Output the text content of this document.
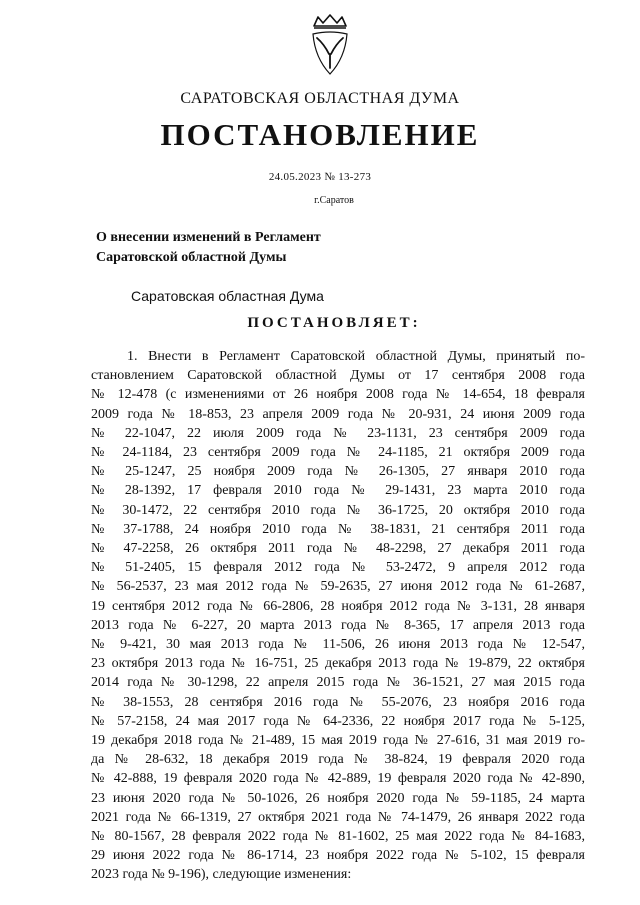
САРАТОВСКАЯ ОБЛАСТНАЯ ДУМА
ПОСТАНОВЛЕНИЕ
24.05.2023 № 13-273
г.Саратов
О внесении изменений в Регламент
Саратовской областной Думы
Саратовская областная Дума
ПОСТАНОВЛЯЕТ:
1. Внести в Регламент Саратовской областной Думы, принятый по-
становлением Саратовской областной Думы от 17 сентября 2008 года
№ 12-478 (с изменениями от 26 ноября 2008 года № 14-654, 18 февраля
2009 года № 18-853, 23 апреля 2009 года № 20-931, 24 июня 2009 года
№ 22-1047, 22 июля 2009 года № 23-1131, 23 сентября 2009 года
№ 24-1184, 23 сентября 2009 года № 24-1185, 21 октября 2009 года
№ 25-1247, 25 ноября 2009 года № 26-1305, 27 января 2010 года
№ 28-1392, 17 февраля 2010 года № 29-1431, 23 марта 2010 года
№ 30-1472, 22 сентября 2010 года № 36-1725, 20 октября 2010 года
№ 37-1788, 24 ноября 2010 года № 38-1831, 21 сентября 2011 года
№ 47-2258, 26 октября 2011 года № 48-2298, 27 декабря 2011 года
№ 51-2405, 15 февраля 2012 года № 53-2472, 9 апреля 2012 года
№ 56-2537, 23 мая 2012 года № 59-2635, 27 июня 2012 года № 61-2687,
19 сентября 2012 года № 66-2806, 28 ноября 2012 года № 3-131, 28 января
2013 года № 6-227, 20 марта 2013 года № 8-365, 17 апреля 2013 года
№ 9-421, 30 мая 2013 года № 11-506, 26 июня 2013 года № 12-547,
23 октября 2013 года № 16-751, 25 декабря 2013 года № 19-879, 22 октября
2014 года № 30-1298, 22 апреля 2015 года № 36-1521, 27 мая 2015 года
№ 38-1553, 28 сентября 2016 года № 55-2076, 23 ноября 2016 года
№ 57-2158, 24 мая 2017 года № 64-2336, 22 ноября 2017 года № 5-125,
19 декабря 2018 года № 21-489, 15 мая 2019 года № 27-616, 31 мая 2019 го-
да № 28-632, 18 декабря 2019 года № 38-824, 19 февраля 2020 года
№ 42-888, 19 февраля 2020 года № 42-889, 19 февраля 2020 года № 42-890,
23 июня 2020 года № 50-1026, 26 ноября 2020 года № 59-1185, 24 марта
2021 года № 66-1319, 27 октября 2021 года № 74-1479, 26 января 2022 года
№ 80-1567, 28 февраля 2022 года № 81-1602, 25 мая 2022 года № 84-1683,
29 июня 2022 года № 86-1714, 23 ноября 2022 года № 5-102, 15 февраля
2023 года № 9-196), следующие изменения:
